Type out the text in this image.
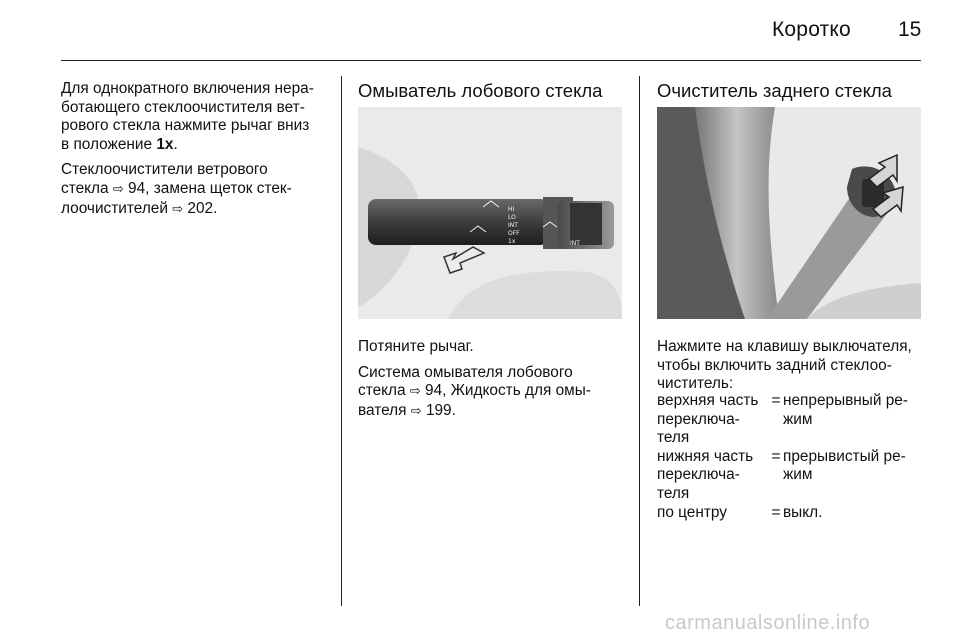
Коротко 15

Для однократного включения нера-
ботающего стеклоочистителя вет-
рового стекла нажмите рычаг вниз
в положение 1x.

Стеклоочистители ветрового
стекла ⇨ 94, замена щеток стек-
лоочистителей ⇨ 202.

Омыватель лобового стекла
HI
LO
INT
OFF
1x	INT

Потяните рычаг.

Система омывателя лобового
стекла ⇨ 94, Жидкость для омы-
вателя ⇨ 199.

Очиститель заднего стекла
Нажмите на клавишу выключателя,
чтобы включить задний стеклоо-
чиститель:
верхняя часть
переключа-
теля
= непрерывный ре-
жим
нижняя часть
переключа-
теля
= прерывистый ре-
жим
по центру	= выкл.
carmanualsonline.info
